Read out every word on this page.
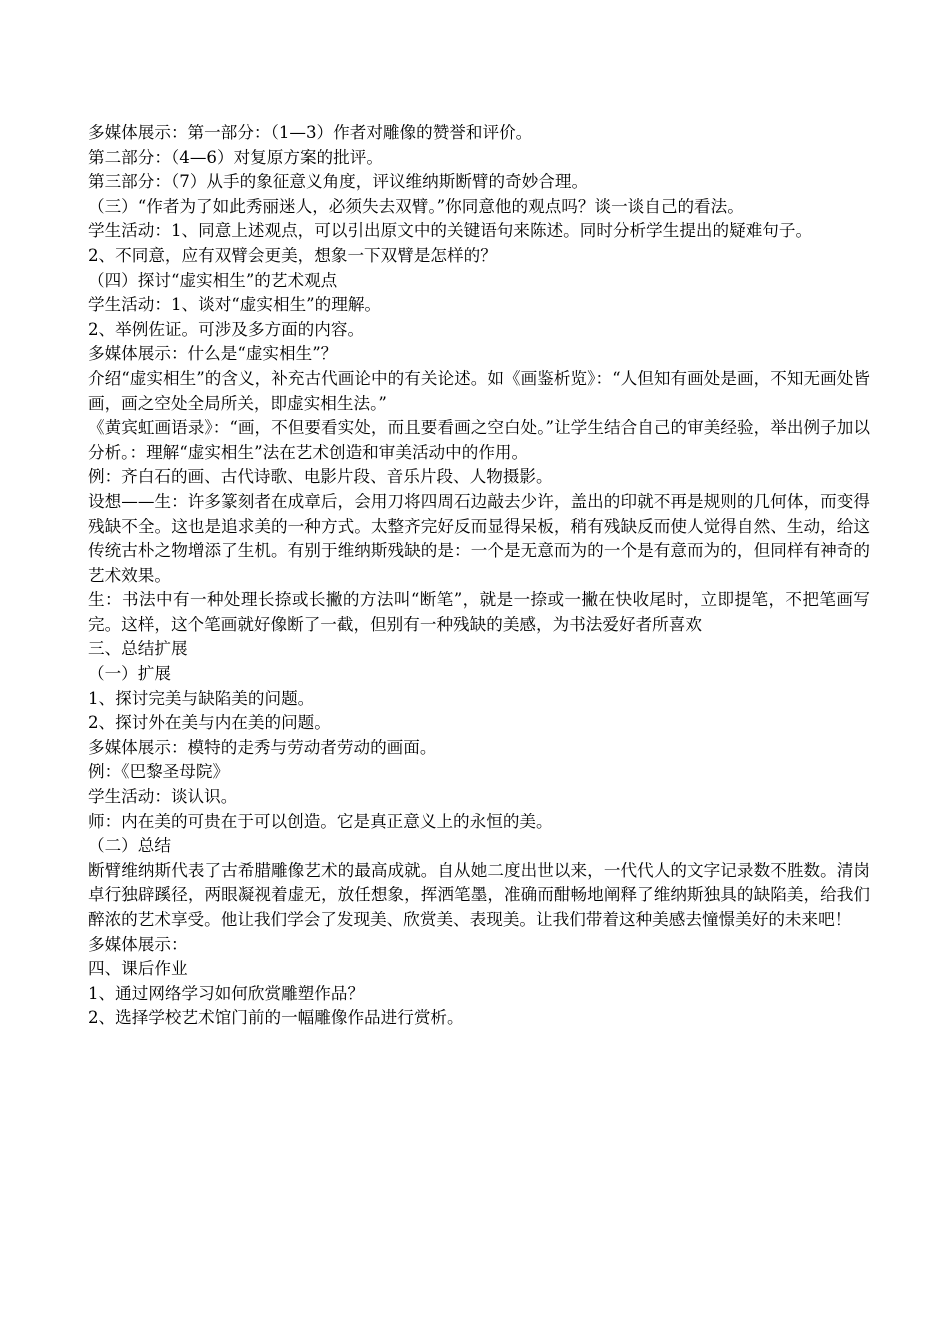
多媒体展示：第一部分：（1—3）作者对雕像的赞誉和评价。

第二部分：（4—6）对复原方案的批评。

第三部分：（7）从手的象征意义角度，评议维纳斯断臂的奇妙合理。

（三）“作者为了如此秀丽迷人，必须失去双臂。”你同意他的观点吗？谈一谈自己的看法。

学生活动：1、同意上述观点，可以引出原文中的关键语句来陈述。同时分析学生提出的疑难句子。

2、不同意，应有双臂会更美，想象一下双臂是怎样的？

（四）探讨“虚实相生”的艺术观点

学生活动：1、谈对“虚实相生”的理解。

2、举例佐证。可涉及多方面的内容。

多媒体展示：什么是“虚实相生”？

介绍“虚实相生”的含义，补充古代画论中的有关论述。如《画鉴析览》：“人但知有画处是画，不知无画处皆画，画之空处全局所关，即虚实相生法。”

《黄宾虹画语录》：“画，不但要看实处，而且要看画之空白处。”让学生结合自己的审美经验，举出例子加以分析。：理解“虚实相生”法在艺术创造和审美活动中的作用。

例：齐白石的画、古代诗歌、电影片段、音乐片段、人物摄影。

设想——生：许多篆刻者在成章后，会用刀将四周石边敲去少许，盖出的印就不再是规则的几何体，而变得残缺不全。这也是追求美的一种方式。太整齐完好反而显得呆板，稍有残缺反而使人觉得自然、生动，给这传统古朴之物增添了生机。有别于维纳斯残缺的是：一个是无意而为的一个是有意而为的，但同样有神奇的艺术效果。

生：书法中有一种处理长捺或长撇的方法叫“断笔”，就是一捺或一撇在快收尾时，立即提笔，不把笔画写完。这样，这个笔画就好像断了一截，但别有一种残缺的美感，为书法爱好者所喜欢

三、总结扩展

（一）扩展

1、探讨完美与缺陷美的问题。

2、探讨外在美与内在美的问题。

多媒体展示：模特的走秀与劳动者劳动的画面。

例：《巴黎圣母院》

学生活动：谈认识。

师：内在美的可贵在于可以创造。它是真正意义上的永恒的美。

（二）总结

断臂维纳斯代表了古希腊雕像艺术的最高成就。自从她二度出世以来，一代代人的文字记录数不胜数。清岗卓行独辟蹊径，两眼凝视着虚无，放任想象，挥洒笔墨，准确而酣畅地阐释了维纳斯独具的缺陷美，给我们醉浓的艺术享受。他让我们学会了发现美、欣赏美、表现美。让我们带着这种美感去憧憬美好的未来吧！

多媒体展示：

四、课后作业

1、通过网络学习如何欣赏雕塑作品？

2、选择学校艺术馆门前的一幅雕像作品进行赏析。
